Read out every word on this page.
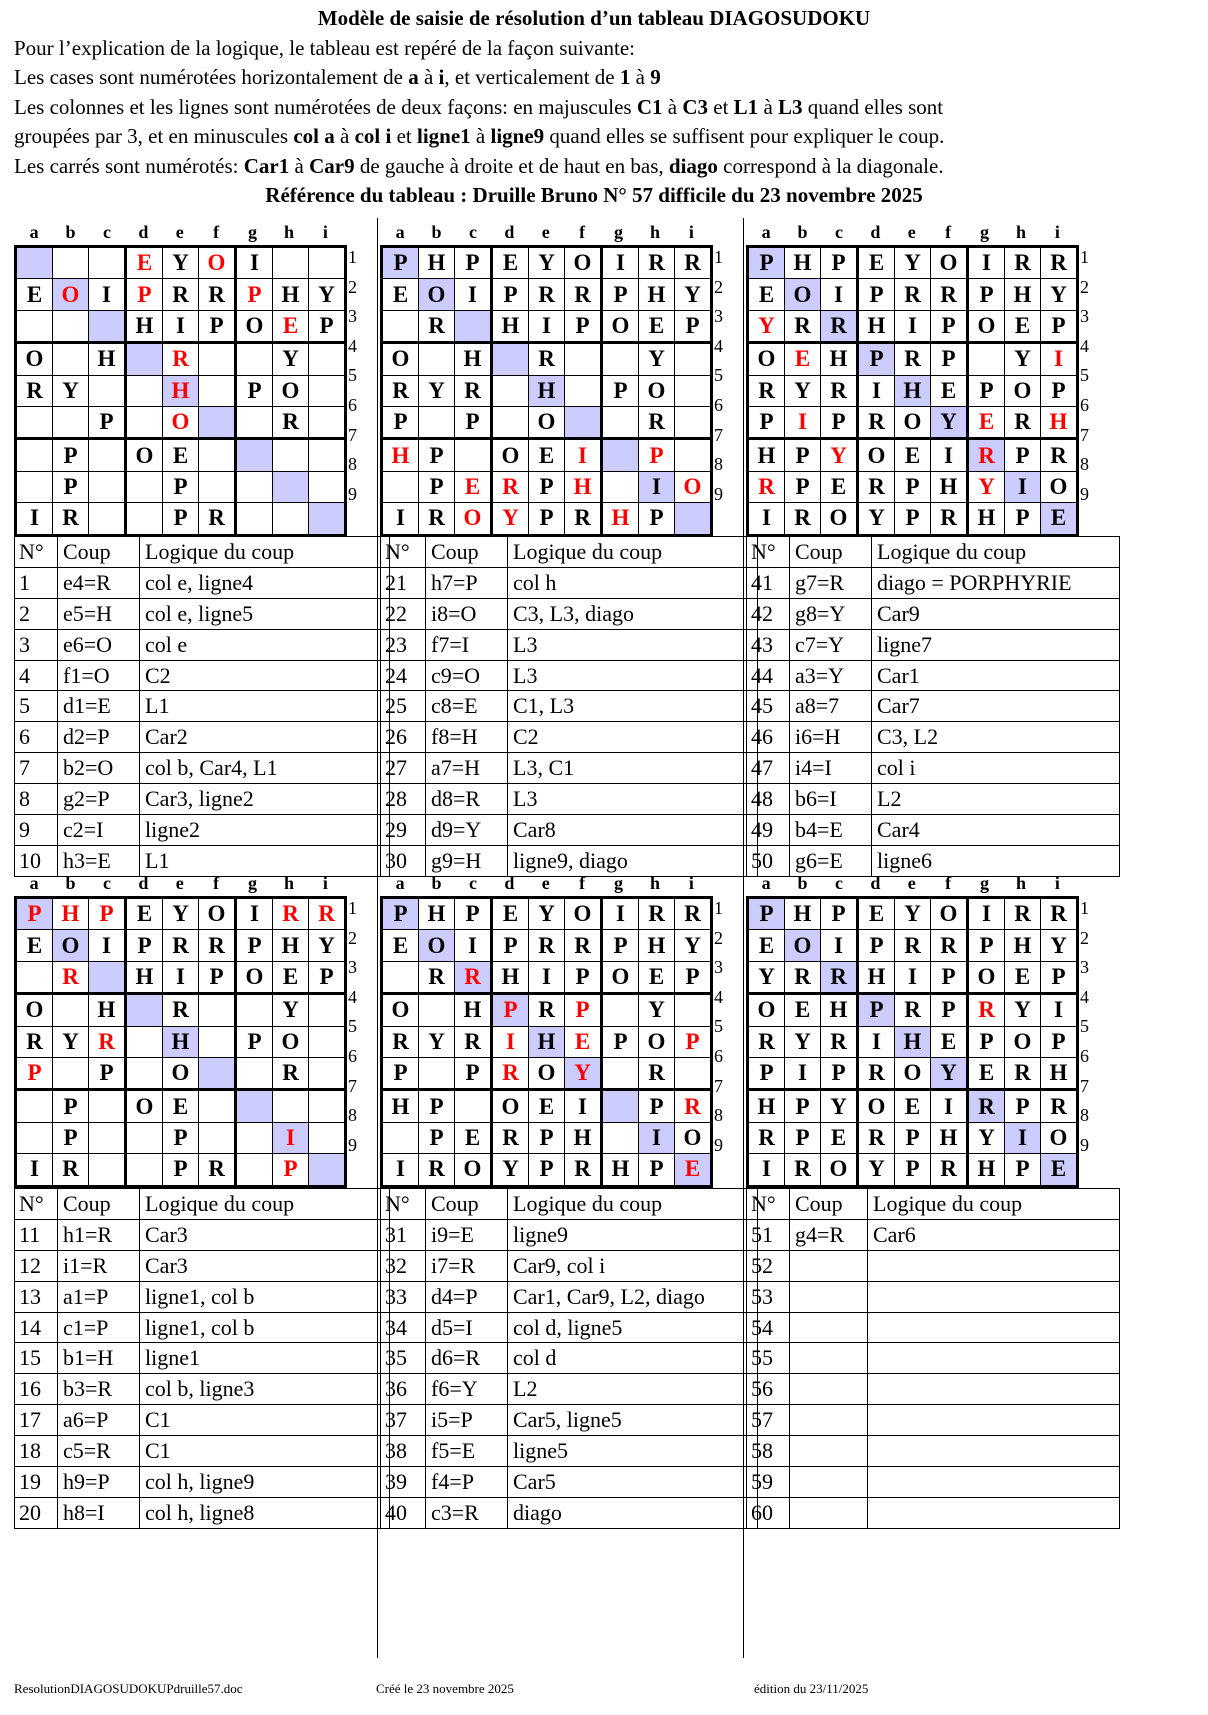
Modèle de saisie de résolution d’un tableau DIAGOSUDOKU
Pour l’explication de la logique, le tableau est repéré de la façon suivante:
Les cases sont numérotées horizontalement de a à i, et verticalement de 1 à 9
Les colonnes et les lignes sont numérotées de deux façons: en majuscules C1 à C3 et L1 à L3 quand elles sont
groupées par 3, et en minuscules col a à col i et ligne1 à ligne9 quand elles se suffisent pour expliquer le coup.
Les carrés sont numérotés: Car1 à Car9 de gauche à droite et de haut en bas, diago correspond à la diagonale.
Référence du tableau : Druille Bruno N° 57 difficile du 23 novembre 2025
a	b	c	d	e	f	g	h	i
			E	Y	O	I		
E	O	I	P	R	R	P	H	Y
			H	I	P	O	E	P
O		H		R			Y	
R	Y			H		P	O	
		P		O			R	
	P		O	E				
	P			P				
I	R			P	R			
1
2
3
4
5
6
7
8
9
N°	Coup	Logique du coup
1	e4=R	col e, ligne4
2	e5=H	col e, ligne5
3	e6=O	col e
4	f1=O	C2
5	d1=E	L1
6	d2=P	Car2
7	b2=O	col b, Car4, L1
8	g2=P	Car3, ligne2
9	c2=I	ligne2
10	h3=E	L1
a	b	c	d	e	f	g	h	i
P	H	P	E	Y	O	I	R	R
E	O	I	P	R	R	P	H	Y
	R		H	I	P	O	E	P
O		H		R			Y	
R	Y	R		H		P	O	
P		P		O			R	
H	P		O	E	I		P	
	P	E	R	P	H		I	O
I	R	O	Y	P	R	H	P	
1
2
3
4
5
6
7
8
9
N°	Coup	Logique du coup
21	h7=P	col h
22	i8=O	C3, L3, diago
23	f7=I	L3
24	c9=O	L3
25	c8=E	C1, L3
26	f8=H	C2
27	a7=H	L3, C1
28	d8=R	L3
29	d9=Y	Car8
30	g9=H	ligne9, diago
a	b	c	d	e	f	g	h	i
P	H	P	E	Y	O	I	R	R
E	O	I	P	R	R	P	H	Y
Y	R	R	H	I	P	O	E	P
O	E	H	P	R	P		Y	I
R	Y	R	I	H	E	P	O	P
P	I	P	R	O	Y	E	R	H
H	P	Y	O	E	I	R	P	R
R	P	E	R	P	H	Y	I	O
I	R	O	Y	P	R	H	P	E
1
2
3
4
5
6
7
8
9
N°	Coup	Logique du coup
41	g7=R	diago = PORPHYRIE
42	g8=Y	Car9
43	c7=Y	ligne7
44	a3=Y	Car1
45	a8=7	Car7
46	i6=H	C3, L2
47	i4=I	col i
48	b6=I	L2
49	b4=E	Car4
50	g6=E	ligne6
a	b	c	d	e	f	g	h	i
P	H	P	E	Y	O	I	R	R
E	O	I	P	R	R	P	H	Y
	R		H	I	P	O	E	P
O		H		R			Y	
R	Y	R		H		P	O	
P		P		O			R	
	P		O	E				
	P			P			I	
I	R			P	R		P	
1
2
3
4
5
6
7
8
9
N°	Coup	Logique du coup
11	h1=R	Car3
12	i1=R	Car3
13	a1=P	ligne1, col b
14	c1=P	ligne1, col b
15	b1=H	ligne1
16	b3=R	col b, ligne3
17	a6=P	C1
18	c5=R	C1
19	h9=P	col h, ligne9
20	h8=I	col h, ligne8
a	b	c	d	e	f	g	h	i
P	H	P	E	Y	O	I	R	R
E	O	I	P	R	R	P	H	Y
	R	R	H	I	P	O	E	P
O		H	P	R	P		Y	
R	Y	R	I	H	E	P	O	P
P		P	R	O	Y		R	
H	P		O	E	I		P	R
	P	E	R	P	H		I	O
I	R	O	Y	P	R	H	P	E
1
2
3
4
5
6
7
8
9
N°	Coup	Logique du coup
31	i9=E	ligne9
32	i7=R	Car9, col i
33	d4=P	Car1, Car9, L2, diago
34	d5=I	col d, ligne5
35	d6=R	col d
36	f6=Y	L2
37	i5=P	Car5, ligne5
38	f5=E	ligne5
39	f4=P	Car5
40	c3=R	diago
a	b	c	d	e	f	g	h	i
P	H	P	E	Y	O	I	R	R
E	O	I	P	R	R	P	H	Y
Y	R	R	H	I	P	O	E	P
O	E	H	P	R	P	R	Y	I
R	Y	R	I	H	E	P	O	P
P	I	P	R	O	Y	E	R	H
H	P	Y	O	E	I	R	P	R
R	P	E	R	P	H	Y	I	O
I	R	O	Y	P	R	H	P	E
1
2
3
4
5
6
7
8
9
N°	Coup	Logique du coup
51	g4=R	Car6
52		
53		
54		
55		
56		
57		
58		
59		
60		
ResolutionDIAGOSUDOKUPdruille57.doc	Créé le 23 novembre 2025	édition du 23/11/2025
